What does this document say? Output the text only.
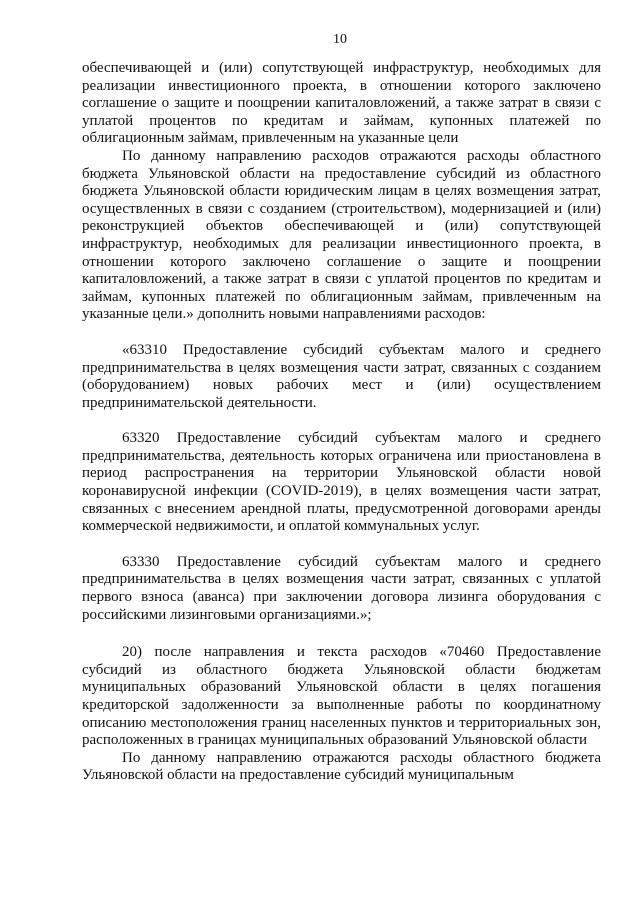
10

обеспечивающей и (или) сопутствующей инфраструктур, необходимых для реализации инвестиционного проекта, в отношении которого заключено соглашение о защите и поощрении капиталовложений, а также затрат в связи с уплатой процентов по кредитам и займам, купонных платежей по облигационным займам, привлеченным на указанные цели

По данному направлению расходов отражаются расходы областного бюджета Ульяновской области на предоставление субсидий из областного бюджета Ульяновской области юридическим лицам в целях возмещения затрат, осуществленных в связи с созданием (строительством), модернизацией и (или) реконструкцией объектов обеспечивающей и (или) сопутствующей инфраструктур, необходимых для реализации инвестиционного проекта, в отношении которого заключено соглашение о защите и поощрении капиталовложений, а также затрат в связи с уплатой процентов по кредитам и займам, купонных платежей по облигационным займам, привлеченным на указанные цели.» дополнить новыми направлениями расходов:

«63310 Предоставление субсидий субъектам малого и среднего предпринимательства в целях возмещения части затрат, связанных с созданием (оборудованием) новых рабочих мест и (или) осуществлением предпринимательской деятельности.

63320 Предоставление субсидий субъектам малого и среднего предпринимательства, деятельность которых ограничена или приостановлена в период распространения на территории Ульяновской области новой коронавирусной инфекции (COVID-2019), в целях возмещения части затрат, связанных с внесением арендной платы, предусмотренной договорами аренды коммерческой недвижимости, и оплатой коммунальных услуг.

63330 Предоставление субсидий субъектам малого и среднего предпринимательства в целях возмещения части затрат, связанных с уплатой первого взноса (аванса) при заключении договора лизинга оборудования с российскими лизинговыми организациями.»;

20) после направления и текста расходов «70460 Предоставление субсидий из областного бюджета Ульяновской области бюджетам муниципальных образований Ульяновской области в целях погашения кредиторской задолженности за выполненные работы по координатному описанию местоположения границ населенных пунктов и территориальных зон, расположенных в границах муниципальных образований Ульяновской области

По данному направлению отражаются расходы областного бюджета Ульяновской области на предоставление субсидий муниципальным
